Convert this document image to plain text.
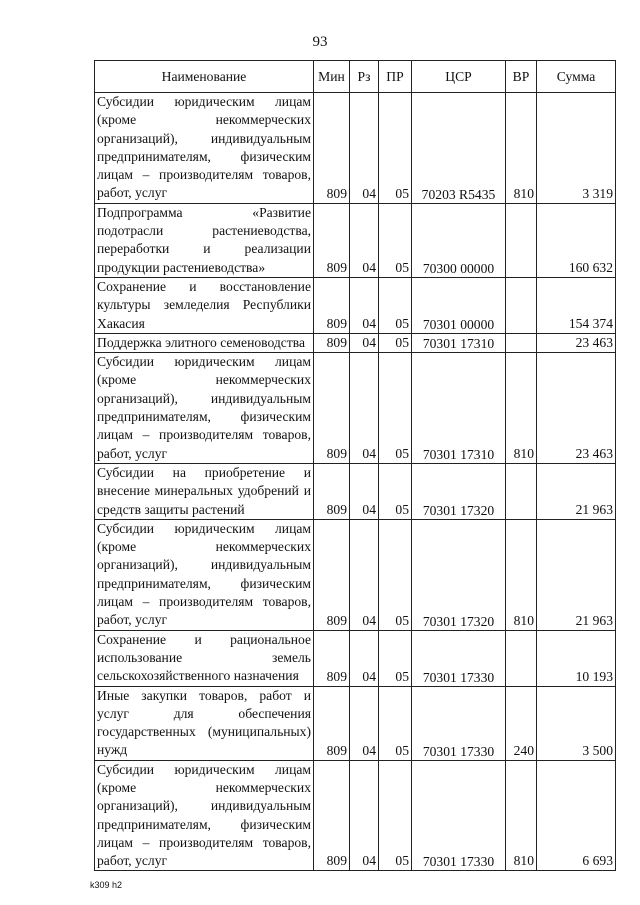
93
Наименование	Мин	Рз	ПР	ЦСР	ВР	Сумма
Субсидии юридическим лицам (кроме некоммерческих организаций), индивидуальным предпринимателям, физическим лицам – производителям товаров, работ, услуг	809	04	05	70203 R5435	810	3 319
Подпрограмма «Развитие подотрасли растениеводства, переработки и реализации продукции растениеводства»	809	04	05	70300 00000		160 632
Сохранение и восстановление культуры земледелия Республики Хакасия	809	04	05	70301 00000		154 374
Поддержка элитного семеноводства	809	04	05	70301 17310		23 463
Субсидии юридическим лицам (кроме некоммерческих организаций), индивидуальным предпринимателям, физическим лицам – производителям товаров, работ, услуг	809	04	05	70301 17310	810	23 463
Субсидии на приобретение и внесение минеральных удобрений и средств защиты растений	809	04	05	70301 17320		21 963
Субсидии юридическим лицам (кроме некоммерческих организаций), индивидуальным предпринимателям, физическим лицам – производителям товаров, работ, услуг	809	04	05	70301 17320	810	21 963
Сохранение и рациональное использование земель сельскохозяйственного назначения	809	04	05	70301 17330		10 193
Иные закупки товаров, работ и услуг для обеспечения государственных (муниципальных) нужд	809	04	05	70301 17330	240	3 500
Субсидии юридическим лицам (кроме некоммерческих организаций), индивидуальным предпринимателям, физическим лицам – производителям товаров, работ, услуг	809	04	05	70301 17330	810	6 693
k309 h2
